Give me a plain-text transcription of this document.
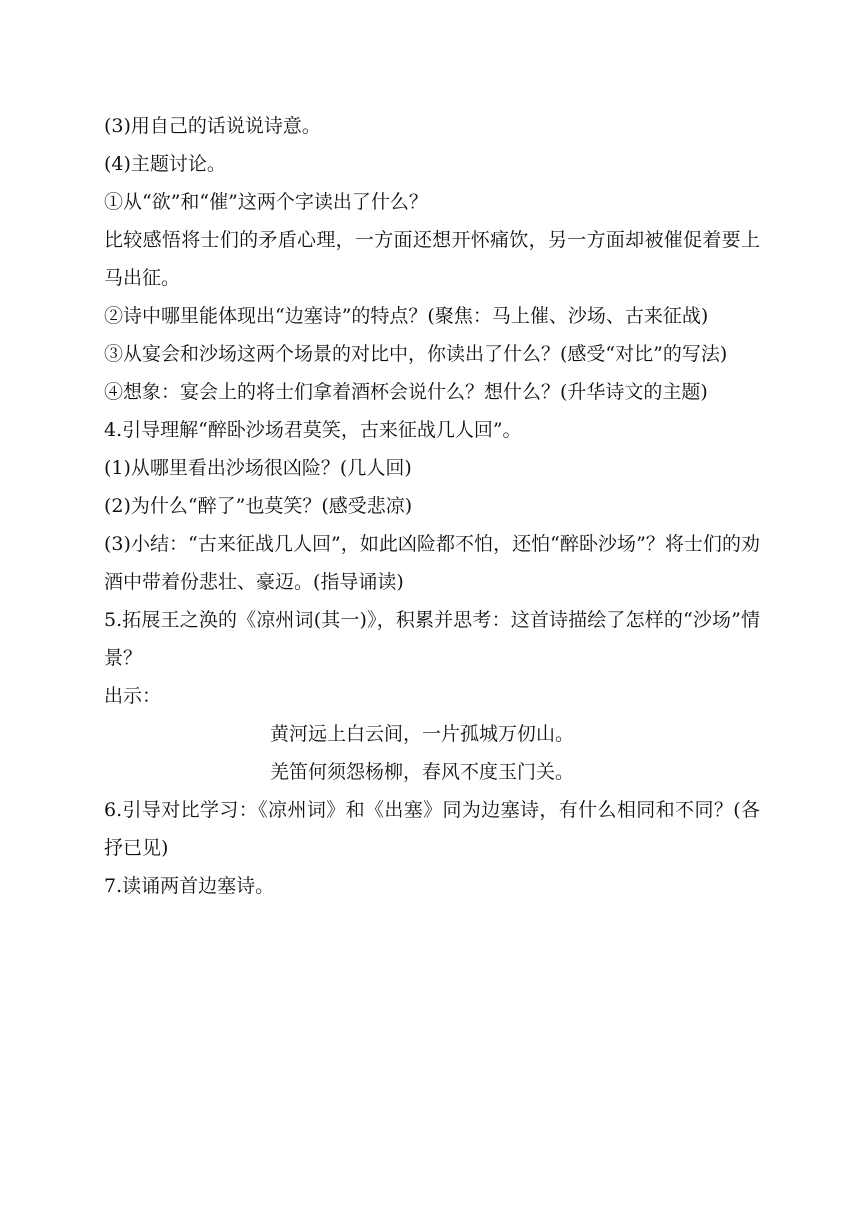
(3)用自己的话说说诗意。
(4)主题讨论。
①从“欲”和“催”这两个字读出了什么？
比较感悟将士们的矛盾心理，一方面还想开怀痛饮，另一方面却被催促着要上马出征。
②诗中哪里能体现出“边塞诗”的特点？(聚焦：马上催、沙场、古来征战)
③从宴会和沙场这两个场景的对比中，你读出了什么？(感受“对比”的写法)
④想象：宴会上的将士们拿着酒杯会说什么？想什么？(升华诗文的主题)
4.引导理解“醉卧沙场君莫笑，古来征战几人回”。
(1)从哪里看出沙场很凶险？(几人回)
(2)为什么“醉了”也莫笑？(感受悲凉)
(3)小结：“古来征战几人回”，如此凶险都不怕，还怕“醉卧沙场”？将士们的劝酒中带着份悲壮、豪迈。(指导诵读)
5.拓展王之涣的《凉州词(其一)》，积累并思考：这首诗描绘了怎样的“沙场”情景？
出示：
黄河远上白云间，一片孤城万仞山。
羌笛何须怨杨柳，春风不度玉门关。
6.引导对比学习：《凉州词》和《出塞》同为边塞诗，有什么相同和不同？(各抒已见)
7.读诵两首边塞诗。
